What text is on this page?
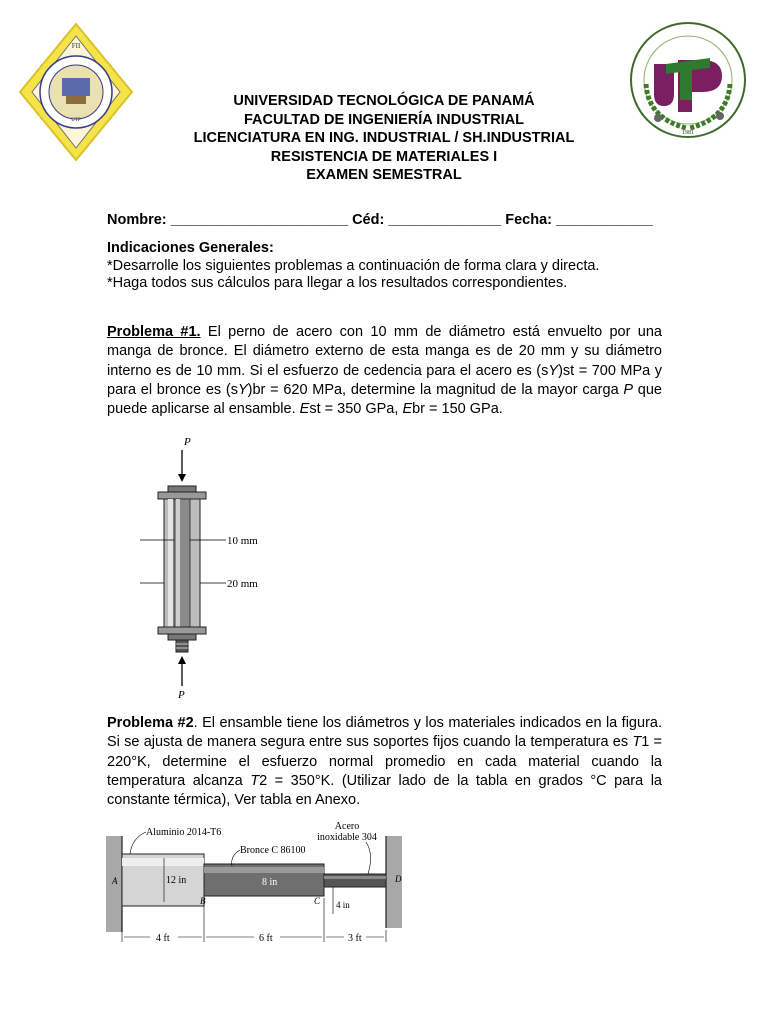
FII
UTP
1981
UNIVERSIDAD TECNOLÓGICA DE PANAMÁ
FACULTAD DE INGENIERÍA INDUSTRIAL
LICENCIATURA EN ING. INDUSTRIAL / SH.INDUSTRIAL
RESISTENCIA DE MATERIALES I
EXAMEN SEMESTRAL
Nombre: ______________________ Céd: ______________ Fecha: ____________
Indicaciones Generales:
*Desarrolle los siguientes problemas a continuación de forma clara y directa.
*Haga todos sus cálculos para llegar a los resultados correspondientes.
Problema #1. El perno de acero con 10 mm de diámetro está envuelto por una manga de bronce. El diámetro externo de esta manga es de 20 mm y su diámetro interno es de 10 mm. Si el esfuerzo de cedencia para el acero es (sY)st = 700 MPa y para el bronce es (sY)br = 620 MPa, determine la magnitud de la mayor carga P que puede aplicarse al ensamble. Est = 350 GPa, Ebr = 150 GPa.
P
P
10 mm
20 mm
Problema #2. El ensamble tiene los diámetros y los materiales indicados en la figura. Si se ajusta de manera segura entre sus soportes fijos cuando la temperatura es T1 = 220°K, determine el esfuerzo normal promedio en cada material cuando la temperatura alcanza T2 = 350°K. (Utilizar lado de la tabla en grados °C para la constante térmica), Ver tabla en Anexo.
A	D
12 in	8 in
B	C 4 in
Aluminio 2014-T6
Bronce C 86100
Acero
inoxidable 304
4 ft	6 ft	3 ft
